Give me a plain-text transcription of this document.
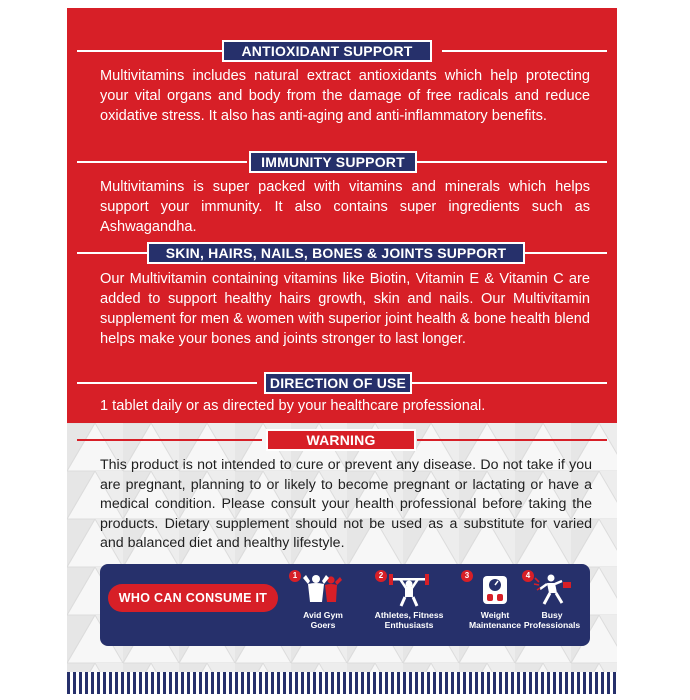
ANTIOXIDANT SUPPORT
Multivitamins includes natural extract antioxidants which help protecting your vital organs and body from the damage of free radicals and reduce oxidative stress. It also has anti-aging and anti-inflammatory benefits.
IMMUNITY SUPPORT
Multivitamins is super packed with vitamins and minerals which helps support your immunity. It also contains super ingredients such as Ashwagandha.
SKIN, HAIRS, NAILS, BONES & JOINTS SUPPORT
Our Multivitamin containing vitamins like Biotin, Vitamin E & Vitamin C are added to support healthy hairs growth, skin and nails. Our Multivitamin supplement for men & women with superior joint health & bone health blend helps make your bones and joints stronger to last longer.
DIRECTION OF USE
1 tablet daily or as directed by your healthcare professional.
WARNING
This product is not intended to cure or prevent any disease. Do not take if you are pregnant, planning to or likely to become pregnant or lactating or have a medical condition. Please consult your health professional before taking the products. Dietary supplement should not be used as a substitute for varied and balanced diet and healthy lifestyle.
WHO CAN CONSUME IT
1
Avid Gym
Goers
2
Athletes, Fitness
Enthusiasts
3
Weight
Maintenance
4
Busy
Professionals
